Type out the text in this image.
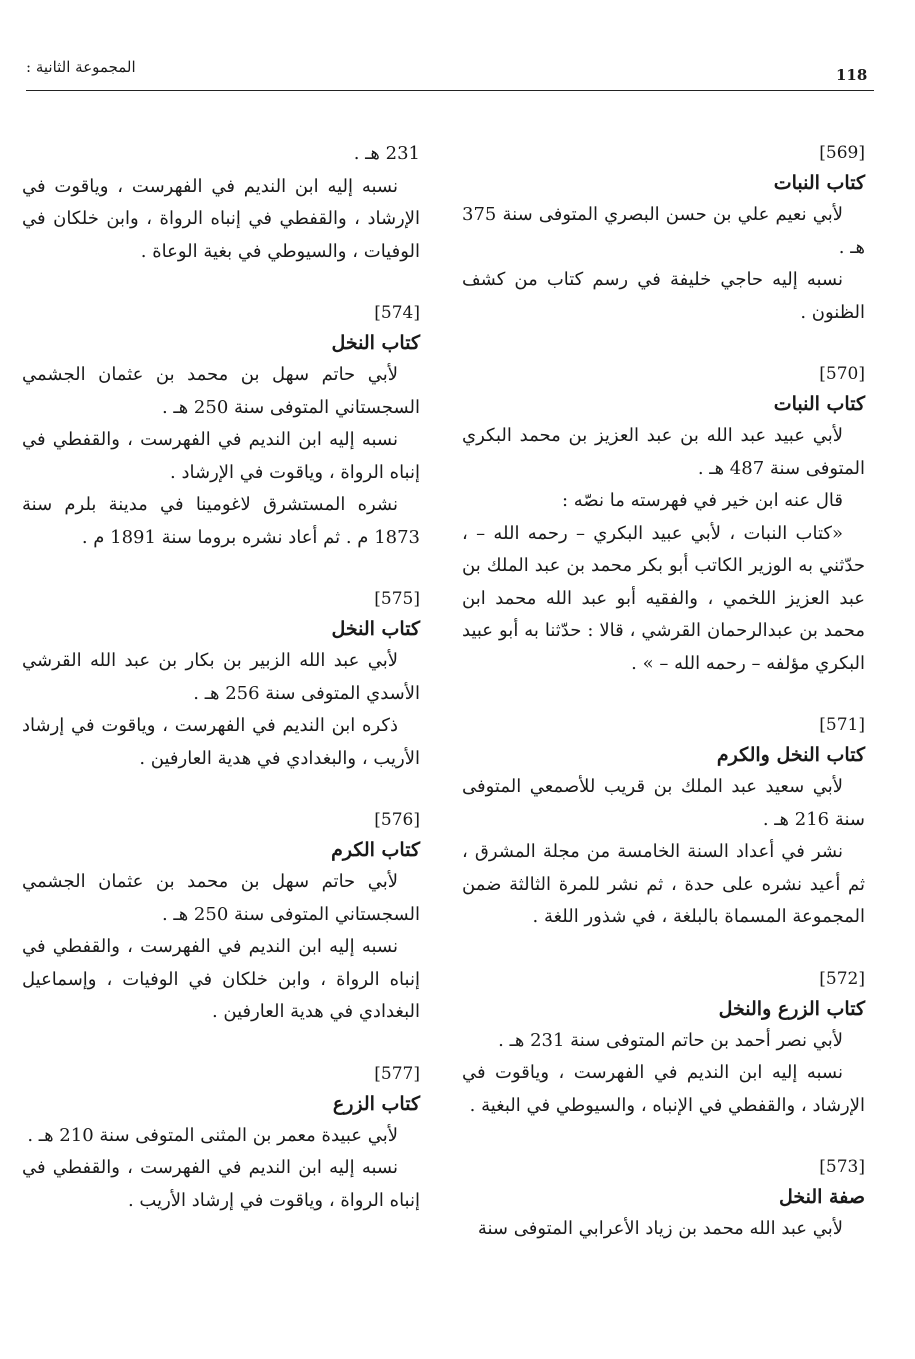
118
المجموعة الثانية :

[569]

كتاب النبات

لأبي نعيم علي بن حسن البصري المتوفى سنة 375 هـ .

نسبه إليه حاجي خليفة في رسم كتاب من كشف الظنون .

[570]

كتاب النبات

لأبي عبيد عبد الله بن عبد العزيز بن محمد البكري المتوفى سنة 487 هـ .

قال عنه ابن خير في فهرسته ما نصّه :

«كتاب النبات ، لأبي عبيد البكري – رحمه الله – ، حدّثني به الوزير الكاتب أبو بكر محمد بن عبد الملك بن عبد العزيز اللخمي ، والفقيه أبو عبد الله محمد ابن محمد بن عبدالرحمان القرشي ، قالا : حدّثنا به أبو عبيد البكري مؤلفه – رحمه الله – » .

[571]

كتاب النخل والكرم

لأبي سعيد عبد الملك بن قريب للأصمعي المتوفى سنة 216 هـ .

نشر في أعداد السنة الخامسة من مجلة المشرق ، ثم أعيد نشره على حدة ، ثم نشر للمرة الثالثة ضمن المجموعة المسماة بالبلغة ، في شذور اللغة .

[572]

كتاب الزرع والنخل

لأبي نصر أحمد بن حاتم المتوفى سنة 231 هـ .

نسبه إليه ابن النديم في الفهرست ، وياقوت في الإرشاد ، والقفطي في الإنباه ، والسيوطي في البغية .

[573]

صفة النخل

لأبي عبد الله محمد بن زياد الأعرابي المتوفى سنة

231 هـ .

نسبه إليه ابن النديم في الفهرست ، وياقوت في الإرشاد ، والقفطي في إنباه الرواة ، وابن خلكان في الوفيات ، والسيوطي في بغية الوعاة .

[574]

كتاب النخل

لأبي حاتم سهل بن محمد بن عثمان الجشمي السجستاني المتوفى سنة 250 هـ .

نسبه إليه ابن النديم في الفهرست ، والقفطي في إنباه الرواة ، وياقوت في الإرشاد .

نشره المستشرق لاغومينا في مدينة بلرم سنة 1873 م . ثم أعاد نشره بروما سنة 1891 م .

[575]

كتاب النخل

لأبي عبد الله الزبير بن بكار بن عبد الله القرشي الأسدي المتوفى سنة 256 هـ .

ذكره ابن النديم في الفهرست ، وياقوت في إرشاد الأريب ، والبغدادي في هدية العارفين .

[576]

كتاب الكرم

لأبي حاتم سهل بن محمد بن عثمان الجشمي السجستاني المتوفى سنة 250 هـ .

نسبه إليه ابن النديم في الفهرست ، والقفطي في إنباه الرواة ، وابن خلكان في الوفيات ، وإسماعيل البغدادي في هدية العارفين .

[577]

كتاب الزرع

لأبي عبيدة معمر بن المثنى المتوفى سنة 210 هـ .

نسبه إليه ابن النديم في الفهرست ، والقفطي في إنباه الرواة ، وياقوت في إرشاد الأريب .
